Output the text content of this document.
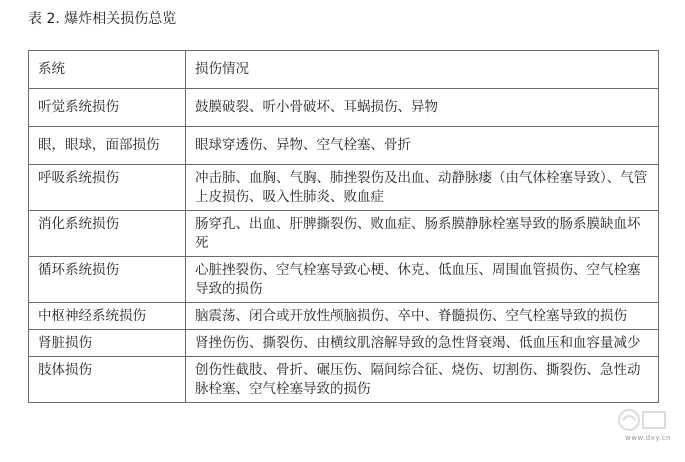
表 2. 爆炸相关损伤总览
系统	损伤情况
听觉系统损伤	鼓膜破裂、听小骨破坏、耳蜗损伤、异物
眼，眼球，面部损伤	眼球穿透伤、异物、空气栓塞、骨折
呼吸系统损伤	冲击肺、血胸、气胸、肺挫裂伤及出血、动静脉瘘（由气体栓塞导致）、气管上皮损伤、吸入性肺炎、败血症
消化系统损伤	肠穿孔、出血、肝脾撕裂伤、败血症、肠系膜静脉栓塞导致的肠系膜缺血坏死
循环系统损伤	心脏挫裂伤、空气栓塞导致心梗、休克、低血压、周围血管损伤、空气栓塞导致的损伤
中枢神经系统损伤	脑震荡、闭合或开放性颅脑损伤、卒中、脊髓损伤、空气栓塞导致的损伤
肾脏损伤	肾挫伤伤、撕裂伤、由横纹肌溶解导致的急性肾衰竭、低血压和血容量减少
肢体损伤	创伤性截肢、骨折、碾压伤、隔间综合征、烧伤、切割伤、撕裂伤、急性动脉栓塞、空气栓塞导致的损伤
www.dxy.cn
